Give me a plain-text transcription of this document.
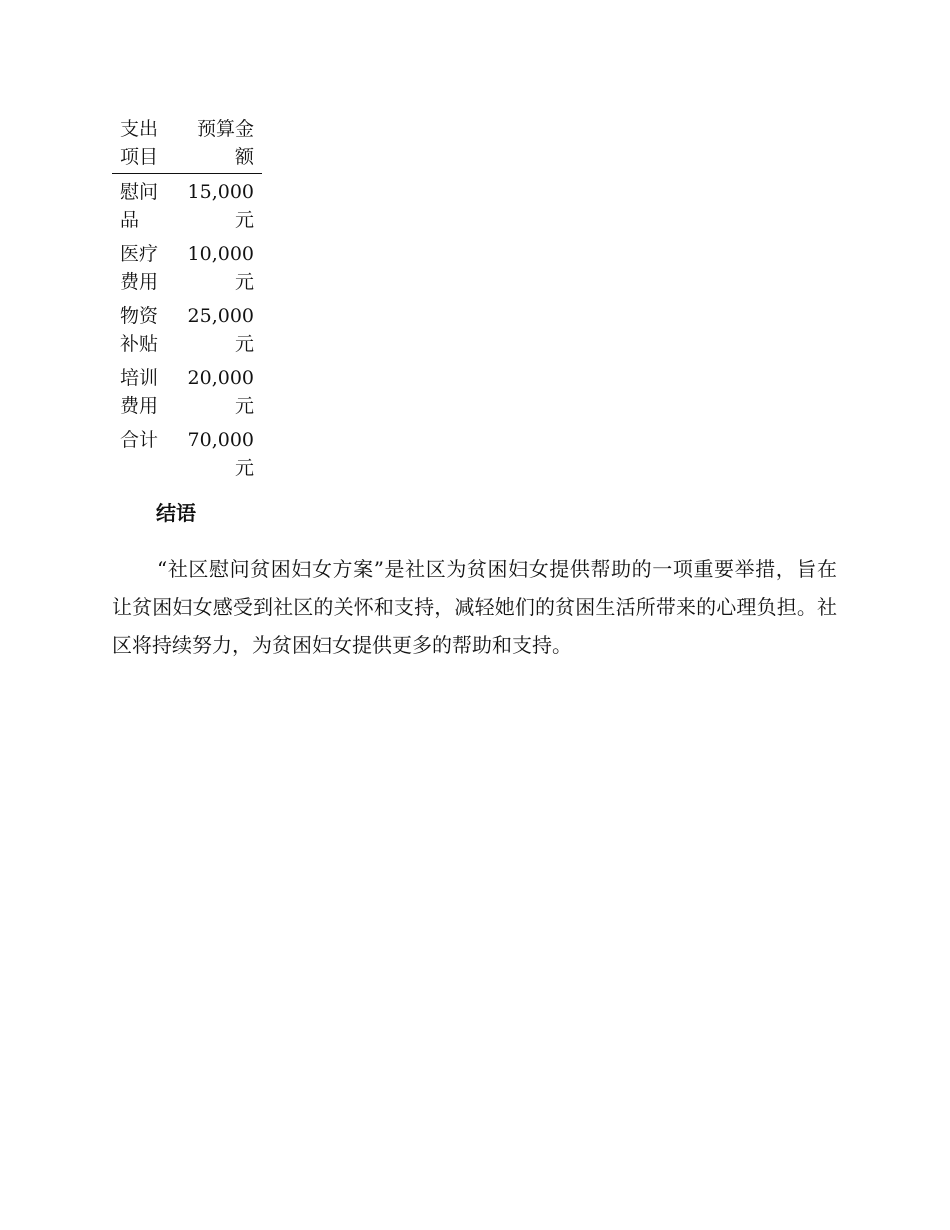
支出项目	预算金额
慰问品	15,000元
医疗费用	10,000元
物资补贴	25,000元
培训费用	20,000元
合计	70,000元
结语

“社区慰问贫困妇女方案”是社区为贫困妇女提供帮助的一项重要举措，旨在让贫困妇女感受到社区的关怀和支持，减轻她们的贫困生活所带来的心理负担。社区将持续努力，为贫困妇女提供更多的帮助和支持。
